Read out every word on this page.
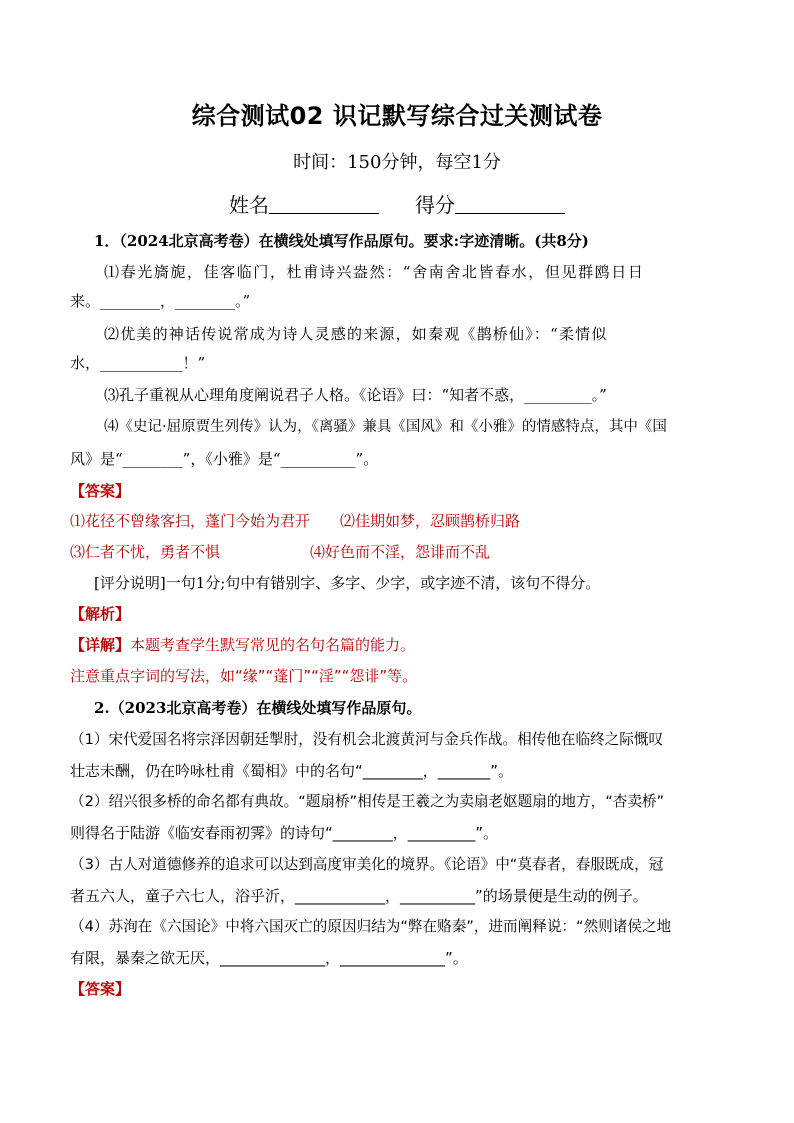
综合测试02 识记默写综合过关测试卷
时间：150分钟，每空1分
姓名	得分
1．（2024北京高考卷）在横线处填写作品原句。要求:字迹清晰。(共8分)
⑴春光旖旎，佳客临门，杜甫诗兴盎然：“舍南舍北皆春水，但见群鸥日日
来。________，________。”
⑵优美的神话传说常成为诗人灵感的来源，如秦观《鹊桥仙》：“柔情似
水，___________！”
⑶孔子重视从心理角度阐说君子人格。《论语》曰：“知者不惑，_________。”
⑷《史记·屈原贾生列传》认为，《离骚》兼具《国风》和《小雅》的情感特点，其中《国
风》是“________”，《小雅》是“__________”。
【答案】
⑴花径不曾缘客扫，蓬门今始为君开　　⑵佳期如梦，忍顾鹊桥归路
⑶仁者不忧，勇者不惧　　　　　　⑷好色而不淫，怨诽而不乱
[评分说明]一句1分;句中有错别字、多字、少字，或字迹不清，该句不得分。
【解析】
【详解】本题考查学生默写常见的名句名篇的能力。
注意重点字词的写法，如“缘”“蓬门”“淫”“怨诽”等。
2.（2023北京高考卷）在横线处填写作品原句。
（1）宋代爱国名将宗泽因朝廷掣肘，没有机会北渡黄河与金兵作战。相传他在临终之际慨叹
壮志未酬，仍在吟咏杜甫《蜀相》中的名句“________，_______”。
（2）绍兴很多桥的命名都有典故。“题扇桥”相传是王羲之为卖扇老妪题扇的地方，“杏卖桥”
则得名于陆游《临安春雨初霁》的诗句“________，_________”。
（3）古人对道德修养的追求可以达到高度审美化的境界。《论语》中“莫春者，春服既成，冠
者五六人，童子六七人，浴乎沂，____________，__________”的场景便是生动的例子。
（4）苏洵在《六国论》中将六国灭亡的原因归结为“弊在赂秦”，进而阐释说：“然则诸侯之地
有限，暴秦之欲无厌，______________，______________”。
【答案】
